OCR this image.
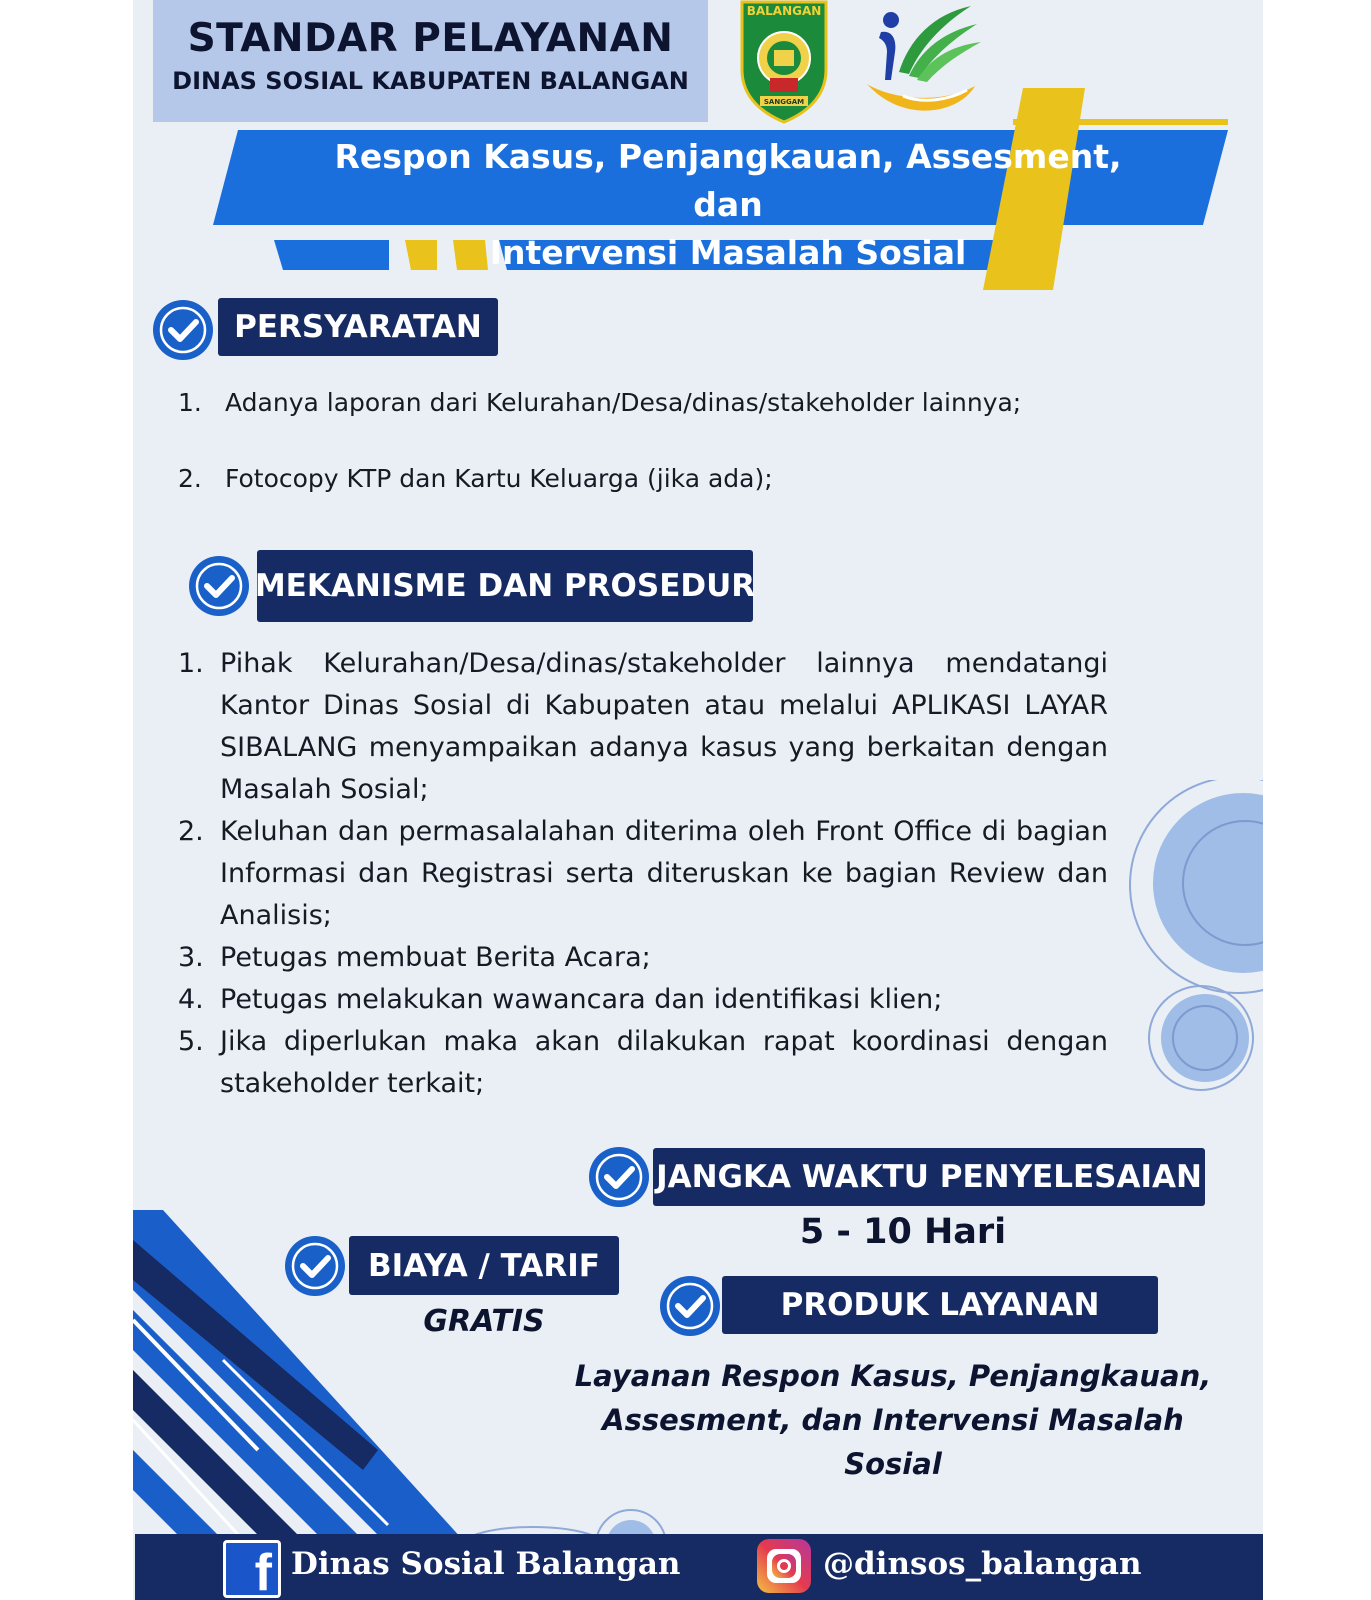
STANDAR PELAYANAN
DINAS SOSIAL KABUPATEN BALANGAN
BALANGAN
SANGGAM
Respon Kasus, Penjangkauan, Assesment, dan
Intervensi Masalah Sosial
PERSYARATAN
1. Adanya laporan dari Kelurahan/Desa/dinas/stakeholder lainnya;
2. Fotocopy KTP dan Kartu Keluarga (jika ada);
MEKANISME DAN PROSEDUR
1. Pihak Kelurahan/Desa/dinas/stakeholder lainnya mendatangi Kantor Dinas Sosial di Kabupaten atau melalui APLIKASI LAYAR SIBALANG menyampaikan adanya kasus yang berkaitan dengan Masalah Sosial;
2. Keluhan dan permasalalahan diterima oleh Front Office di bagian Informasi dan Registrasi serta diteruskan ke bagian Review dan Analisis;
3. Petugas membuat Berita Acara;
4. Petugas melakukan wawancara dan identifikasi klien;
5. Jika diperlukan maka akan dilakukan rapat koordinasi dengan stakeholder terkait;
JANGKA WAKTU PENYELESAIAN
5 - 10 Hari
BIAYA / TARIF
GRATIS	PRODUK LAYANAN
Layanan Respon Kasus, Penjangkauan,
Assesment, dan Intervensi Masalah Sosial
f Dinas Sosial Balangan	@dinsos_balangan
